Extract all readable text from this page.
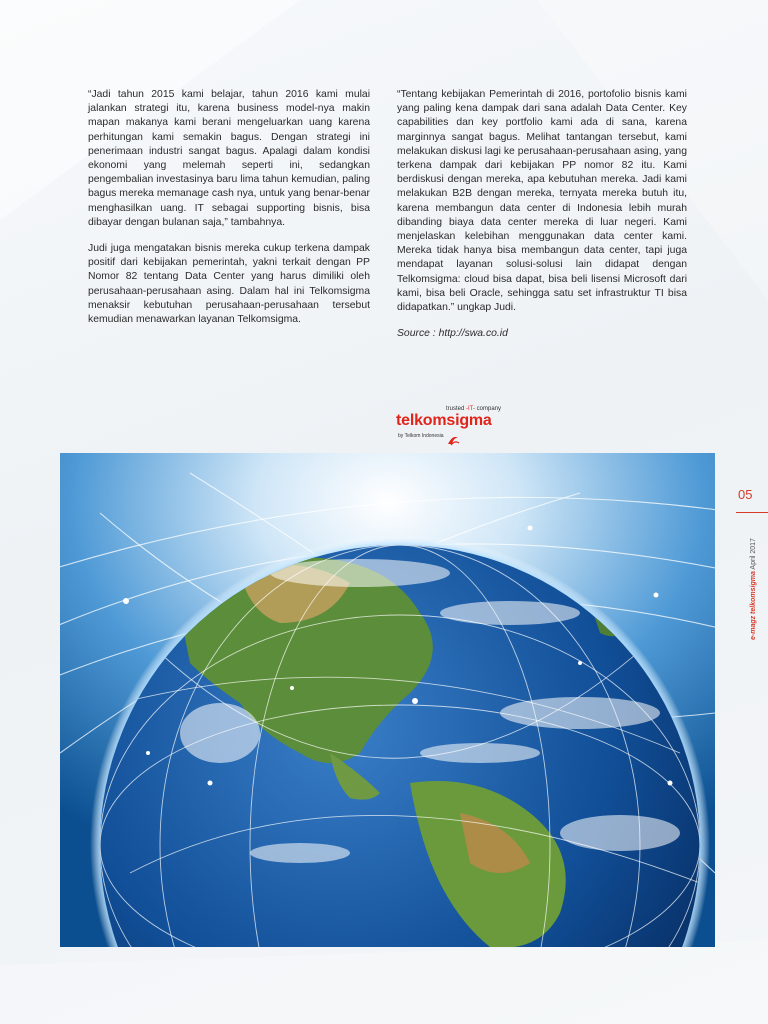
“Jadi tahun 2015 kami belajar, tahun 2016 kami mulai jalankan strategi itu, karena business model-nya makin mapan makanya kami berani mengeluarkan uang karena perhitungan kami semakin bagus. Dengan strategi ini penerimaan industri sangat bagus. Apalagi dalam kondisi ekonomi yang melemah seperti ini, sedangkan pengembalian investasinya baru lima tahun kemudian, paling bagus mereka memanage cash nya, untuk yang benar-benar menghasilkan uang. IT sebagai supporting bisnis, bisa dibayar dengan bulanan saja,” tambahnya.

Judi juga mengatakan bisnis mereka cukup terkena dampak positif dari kebijakan pemerintah, yakni terkait dengan PP Nomor 82 tentang Data Center yang harus dimiliki oleh perusahaan-perusahaan asing. Dalam hal ini Telkomsigma menaksir kebutuhan perusahaan-perusahaan tersebut kemudian menawarkan layanan Telkomsigma.

“Tentang kebijakan Pemerintah di 2016, portofolio bisnis kami yang paling kena dampak dari sana adalah Data Center. Key capabilities dan key portfolio kami ada di sana, karena marginnya sangat bagus. Melihat tantangan tersebut, kami melakukan diskusi lagi ke perusahaan-perusahaan asing, yang terkena dampak dari kebijakan PP nomor 82 itu. Kami berdiskusi dengan mereka, apa kebutuhan mereka. Jadi kami melakukan B2B dengan mereka, ternyata mereka butuh itu, karena membangun data center di Indonesia lebih murah dibanding biaya data center mereka di luar negeri. Kami menjelaskan kelebihan menggunakan data center kami. Mereka tidak hanya bisa membangun data center, tapi juga mendapat layanan solusi-solusi lain didapat dengan Telkomsigma: cloud bisa dapat, bisa beli lisensi Microsoft dari kami, bisa beli Oracle, sehingga satu set infrastruktur TI bisa didapatkan.” ungkap Judi.

Source : http://swa.co.id

trusted -IT- company
telkomsigma
by Telkom Indonesia
05
e-magz telkomsigma April 2017
